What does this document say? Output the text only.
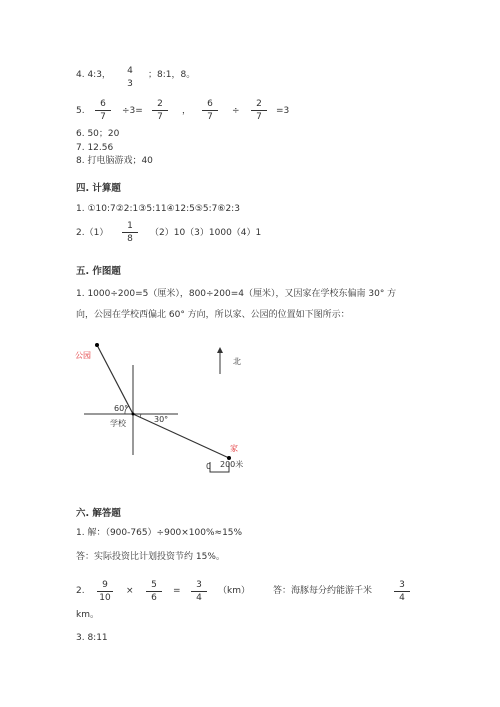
4. 4:3，	4
3
；8:1，8。
5.
6
7
÷3=
2
7
，
6
7
÷
2
7
=3
6. 50；20
7. 12.56
8. 打电脑游戏；40
四. 计算题
1. ①10:7②2:1③5:11④12:5⑤5:7⑥2:3
2.（1）
1
8
（2）10（3）1000（4）1
五. 作图题
1. 1000÷200=5（厘米），800÷200=4（厘米），又因家在学校东偏南 30° 方
向，公园在学校西偏北 60° 方向，所以家、公园的位置如下图所示：
公园
北
60°
30°
学校
家
0 200米
六. 解答题
1. 解：（900-765）÷900×100%≈15%
答：实际投资比计划投资节约 15%。
2.
9
10
×
5
6
=
3
4
（km）	答：海豚每分约能游千米
3
4
km。
3. 8:11
